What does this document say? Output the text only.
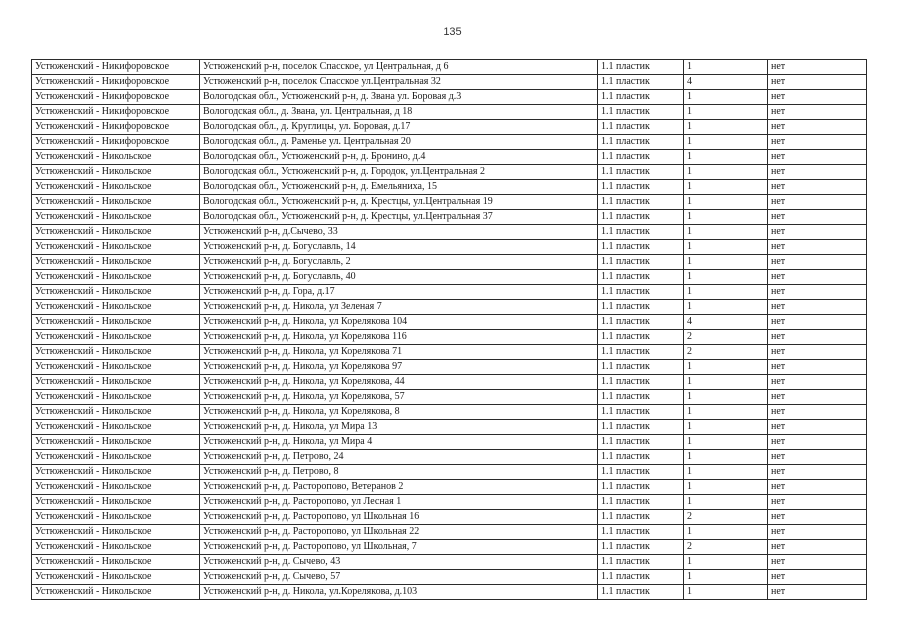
135
Устюженский - Никифоровское	Устюженский р-н, поселок Спасское, ул Центральная, д 6	1.1 пластик	1	нет
Устюженский - Никифоровское	Устюженский р-н, поселок Спасское ул.Центральная 32	1.1 пластик	4	нет
Устюженский - Никифоровское	Вологодская обл., Устюженский р-н, д. Звана ул. Боровая д.3	1.1 пластик	1	нет
Устюженский - Никифоровское	Вологодская обл., д. Звана, ул. Центральная, д 18	1.1 пластик	1	нет
Устюженский - Никифоровское	Вологодская обл., д. Круглицы, ул. Боровая, д.17	1.1 пластик	1	нет
Устюженский - Никифоровское	Вологодская обл., д. Раменье ул. Центральная 20	1.1 пластик	1	нет
Устюженский - Никольское	Вологодская обл., Устюженский р-н, д. Бронино, д.4	1.1 пластик	1	нет
Устюженский - Никольское	Вологодская обл., Устюженский р-н, д. Городок, ул.Центральная 2	1.1 пластик	1	нет
Устюженский - Никольское	Вологодская обл., Устюженский р-н, д. Емельяниха, 15	1.1 пластик	1	нет
Устюженский - Никольское	Вологодская обл., Устюженский р-н, д. Крестцы, ул.Центральная 19	1.1 пластик	1	нет
Устюженский - Никольское	Вологодская обл., Устюженский р-н, д. Крестцы, ул.Центральная 37	1.1 пластик	1	нет
Устюженский - Никольское	Устюженский р-н, д.Сычево, 33	1.1 пластик	1	нет
Устюженский - Никольское	Устюженский р-н, д. Богуславль, 14	1.1 пластик	1	нет
Устюженский - Никольское	Устюженский р-н, д. Богуславль, 2	1.1 пластик	1	нет
Устюженский - Никольское	Устюженский р-н, д. Богуславль, 40	1.1 пластик	1	нет
Устюженский - Никольское	Устюженский р-н, д. Гора, д.17	1.1 пластик	1	нет
Устюженский - Никольское	Устюженский р-н, д. Никола, ул Зеленая 7	1.1 пластик	1	нет
Устюженский - Никольское	Устюженский р-н, д. Никола, ул Корелякова 104	1.1 пластик	4	нет
Устюженский - Никольское	Устюженский р-н, д. Никола, ул Корелякова 116	1.1 пластик	2	нет
Устюженский - Никольское	Устюженский р-н, д. Никола, ул Корелякова 71	1.1 пластик	2	нет
Устюженский - Никольское	Устюженский р-н, д. Никола, ул Корелякова 97	1.1 пластик	1	нет
Устюженский - Никольское	Устюженский р-н, д. Никола, ул Корелякова, 44	1.1 пластик	1	нет
Устюженский - Никольское	Устюженский р-н, д. Никола, ул Корелякова, 57	1.1 пластик	1	нет
Устюженский - Никольское	Устюженский р-н, д. Никола, ул Корелякова, 8	1.1 пластик	1	нет
Устюженский - Никольское	Устюженский р-н, д. Никола, ул Мира 13	1.1 пластик	1	нет
Устюженский - Никольское	Устюженский р-н, д. Никола, ул Мира 4	1.1 пластик	1	нет
Устюженский - Никольское	Устюженский р-н, д. Петрово, 24	1.1 пластик	1	нет
Устюженский - Никольское	Устюженский р-н, д. Петрово, 8	1.1 пластик	1	нет
Устюженский - Никольское	Устюженский р-н, д. Расторопово, Ветеранов 2	1.1 пластик	1	нет
Устюженский - Никольское	Устюженский р-н, д. Расторопово, ул Лесная 1	1.1 пластик	1	нет
Устюженский - Никольское	Устюженский р-н, д. Расторопово, ул Школьная 16	1.1 пластик	2	нет
Устюженский - Никольское	Устюженский р-н, д. Расторопово, ул Школьная 22	1.1 пластик	1	нет
Устюженский - Никольское	Устюженский р-н, д. Расторопово, ул Школьная, 7	1.1 пластик	2	нет
Устюженский - Никольское	Устюженский р-н, д. Сычево, 43	1.1 пластик	1	нет
Устюженский - Никольское	Устюженский р-н, д. Сычево, 57	1.1 пластик	1	нет
Устюженский - Никольское	Устюженский р-н, д. Никола, ул.Корелякова, д.103	1.1 пластик	1	нет
